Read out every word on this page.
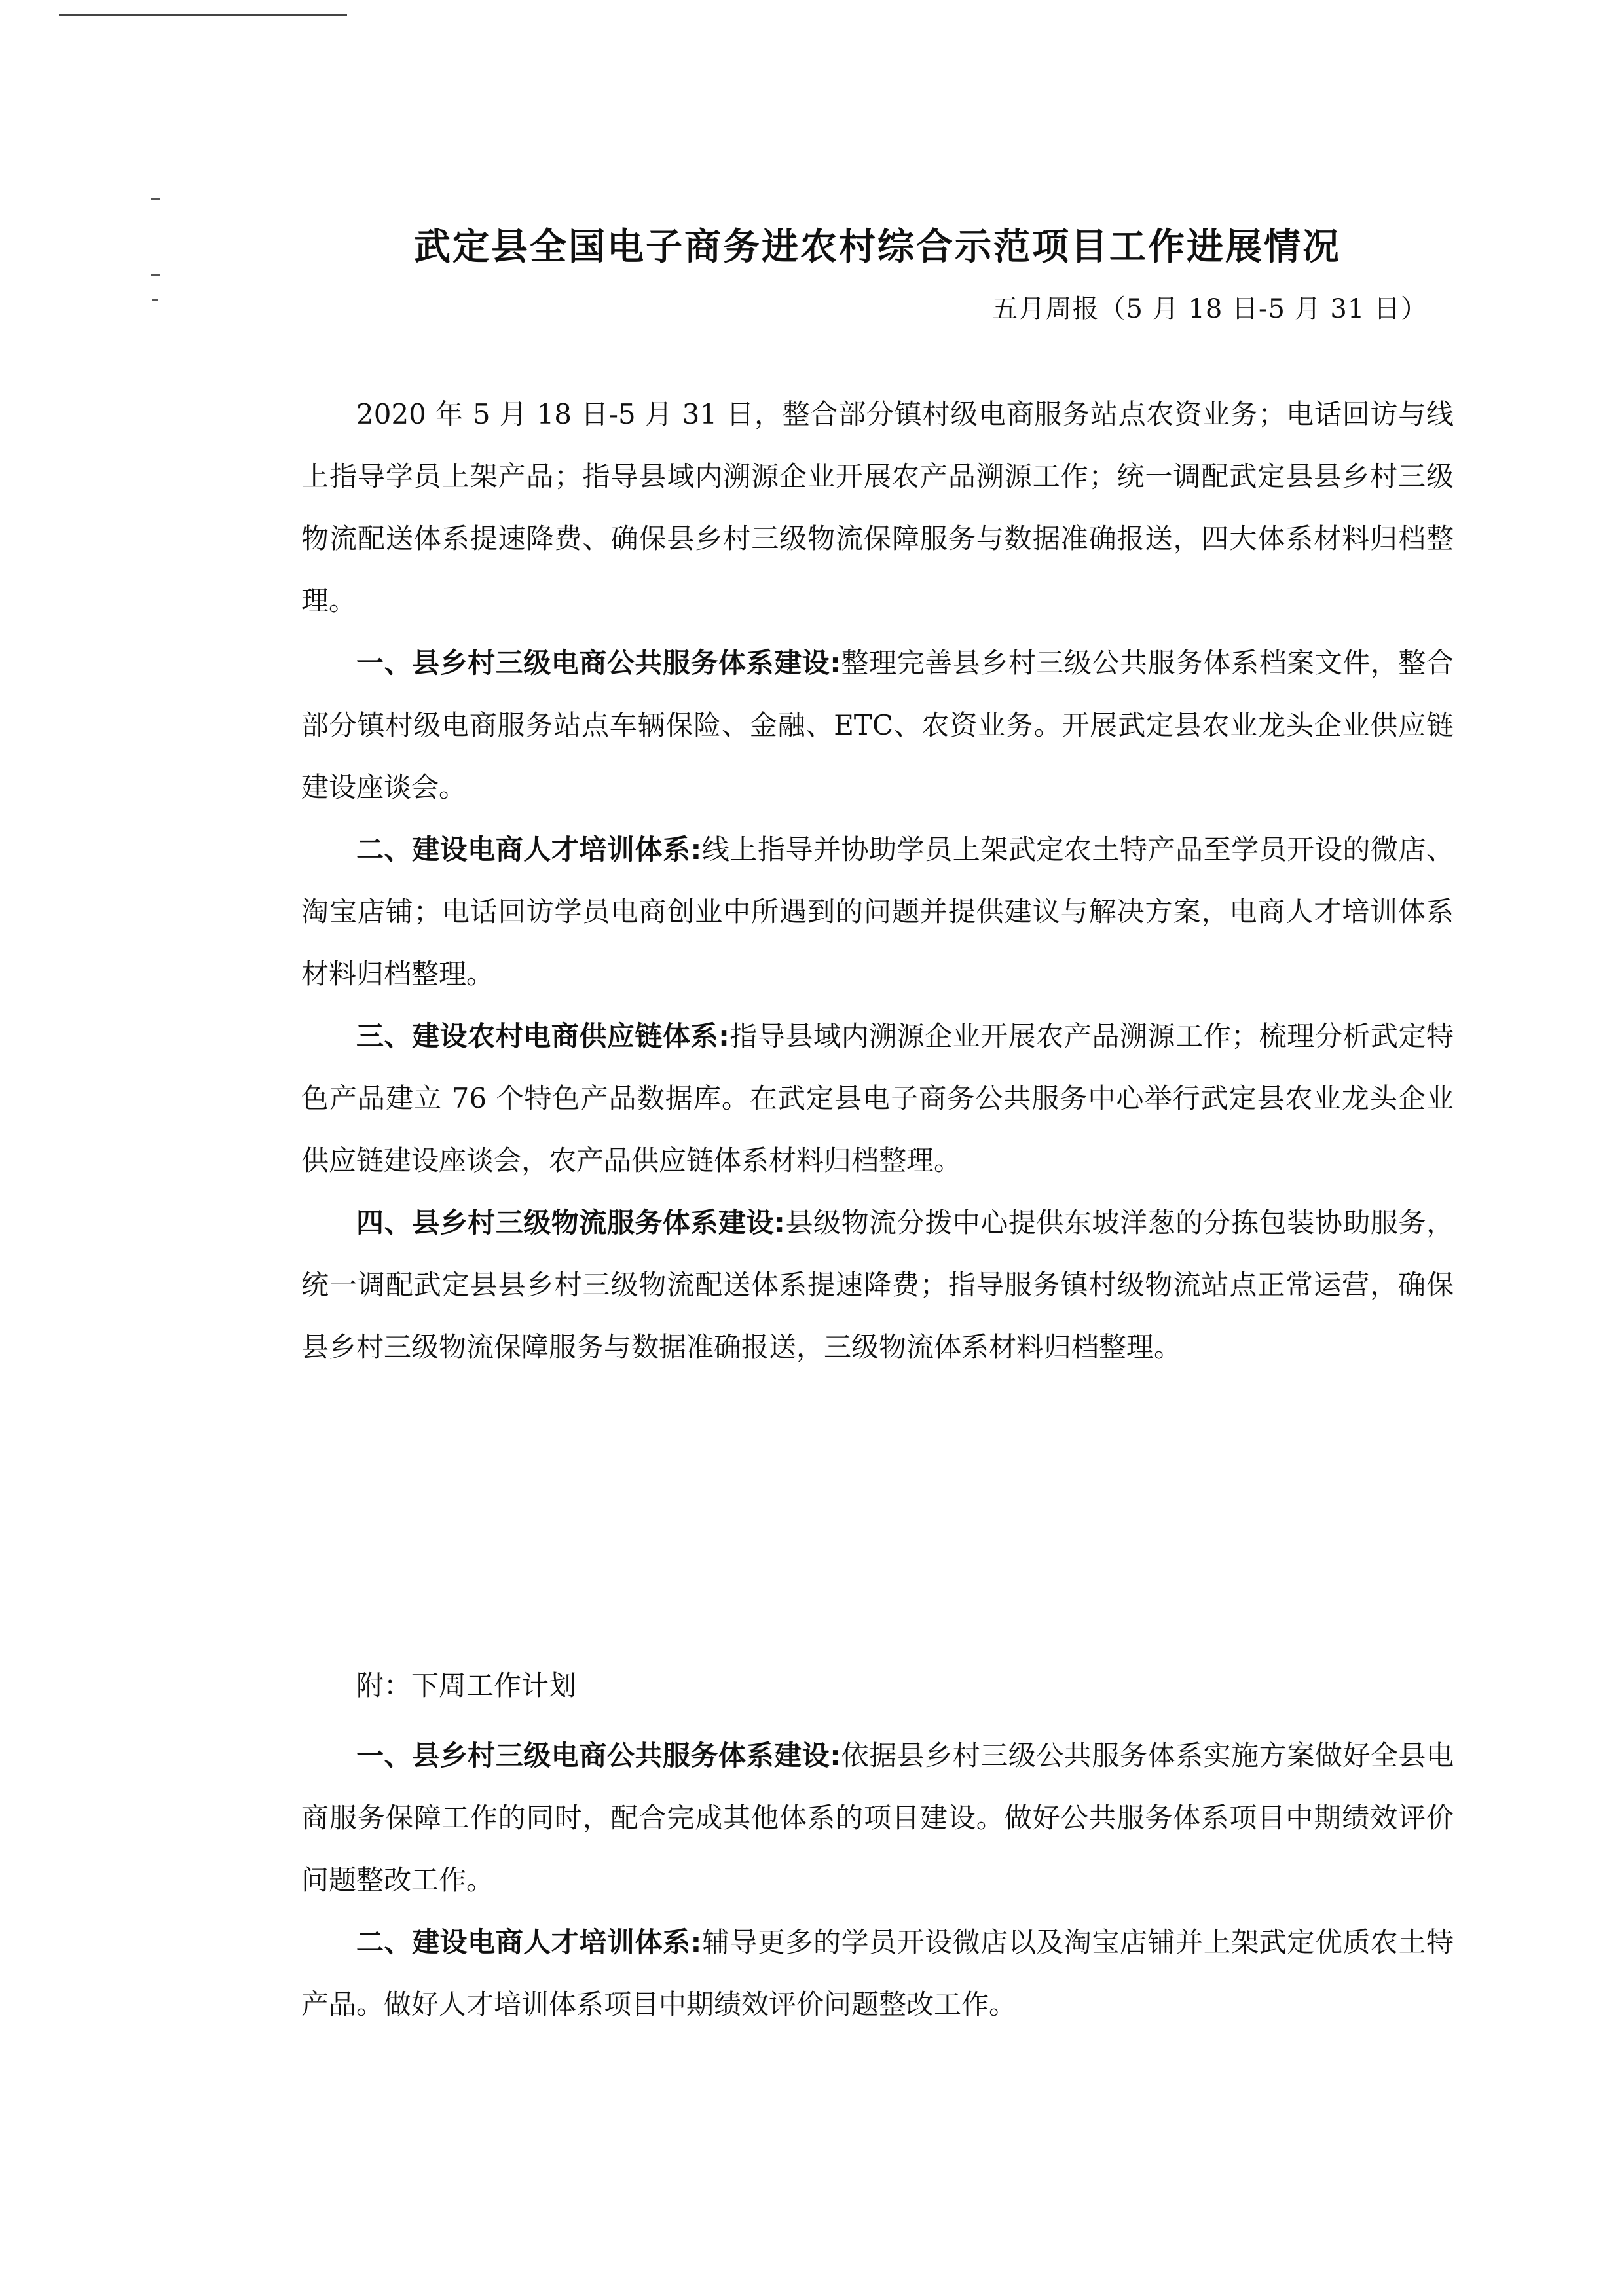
武定县全国电子商务进农村综合示范项目工作进展情况
五月周报（5 月 18 日-5 月 31 日）

2020 年 5 月 18 日-5 月 31 日，整合部分镇村级电商服务站点农资业务；电话回访与线上指导学员上架产品；指导县域内溯源企业开展农产品溯源工作；统一调配武定县县乡村三级物流配送体系提速降费、确保县乡村三级物流保障服务与数据准确报送，四大体系材料归档整理。

一、县乡村三级电商公共服务体系建设:整理完善县乡村三级公共服务体系档案文件，整合部分镇村级电商服务站点车辆保险、金融、ETC、农资业务。开展武定县农业龙头企业供应链建设座谈会。

二、建设电商人才培训体系:线上指导并协助学员上架武定农土特产品至学员开设的微店、淘宝店铺；电话回访学员电商创业中所遇到的问题并提供建议与解决方案，电商人才培训体系材料归档整理。

三、建设农村电商供应链体系:指导县域内溯源企业开展农产品溯源工作；梳理分析武定特色产品建立 76 个特色产品数据库。在武定县电子商务公共服务中心举行武定县农业龙头企业供应链建设座谈会，农产品供应链体系材料归档整理。

四、县乡村三级物流服务体系建设:县级物流分拨中心提供东坡洋葱的分拣包装协助服务，统一调配武定县县乡村三级物流配送体系提速降费；指导服务镇村级物流站点正常运营，确保县乡村三级物流保障服务与数据准确报送，三级物流体系材料归档整理。

附：下周工作计划

一、县乡村三级电商公共服务体系建设:依据县乡村三级公共服务体系实施方案做好全县电商服务保障工作的同时，配合完成其他体系的项目建设。做好公共服务体系项目中期绩效评价问题整改工作。

二、建设电商人才培训体系:辅导更多的学员开设微店以及淘宝店铺并上架武定优质农土特产品。做好人才培训体系项目中期绩效评价问题整改工作。
